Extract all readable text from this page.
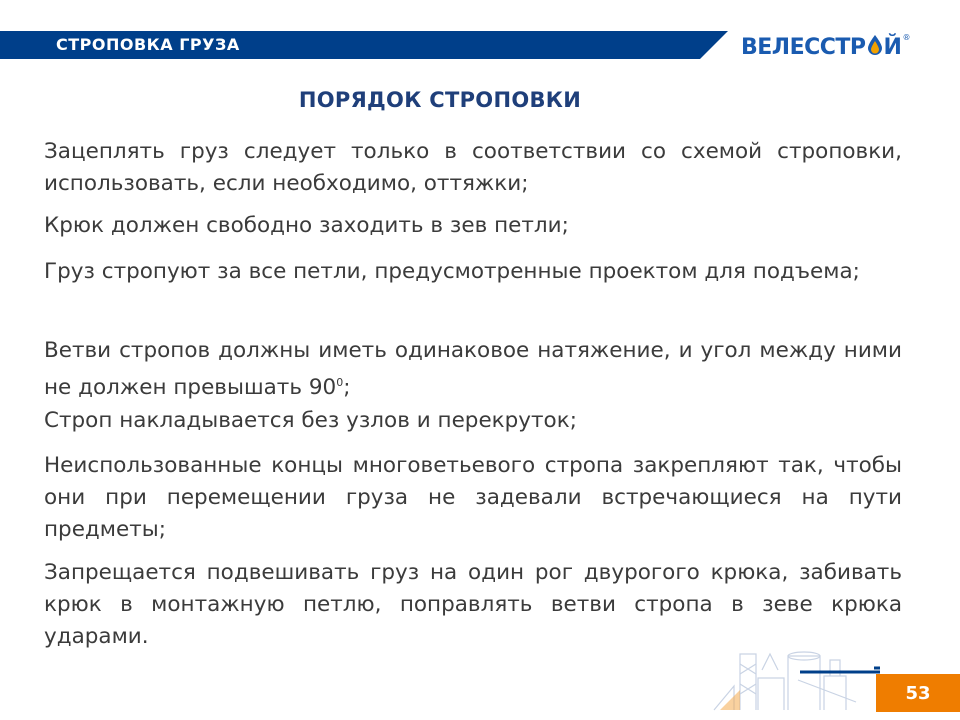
СТРОПОВКА ГРУЗА	ВЕЛЕССТР Й ®
ПОРЯДОК СТРОПОВКИ
Зацеплять груз следует только в соответствии со схемой строповки, использовать, если необходимо, оттяжки;
Крюк должен свободно заходить в зев петли;
Груз стропуют за все петли, предусмотренные проектом для подъема;
Ветви стропов должны иметь одинаковое натяжение, и угол между ними не должен превышать $90^0$;
Строп накладывается без узлов и перекруток;
Неиспользованные концы многоветьевого стропа закрепляют так, чтобы они при перемещении груза не задевали встречающиеся на пути предметы;
Запрещается подвешивать груз на один рог двурогого крюка, забивать крюк в монтажную петлю, поправлять ветви стропа в зеве крюка ударами.
53
